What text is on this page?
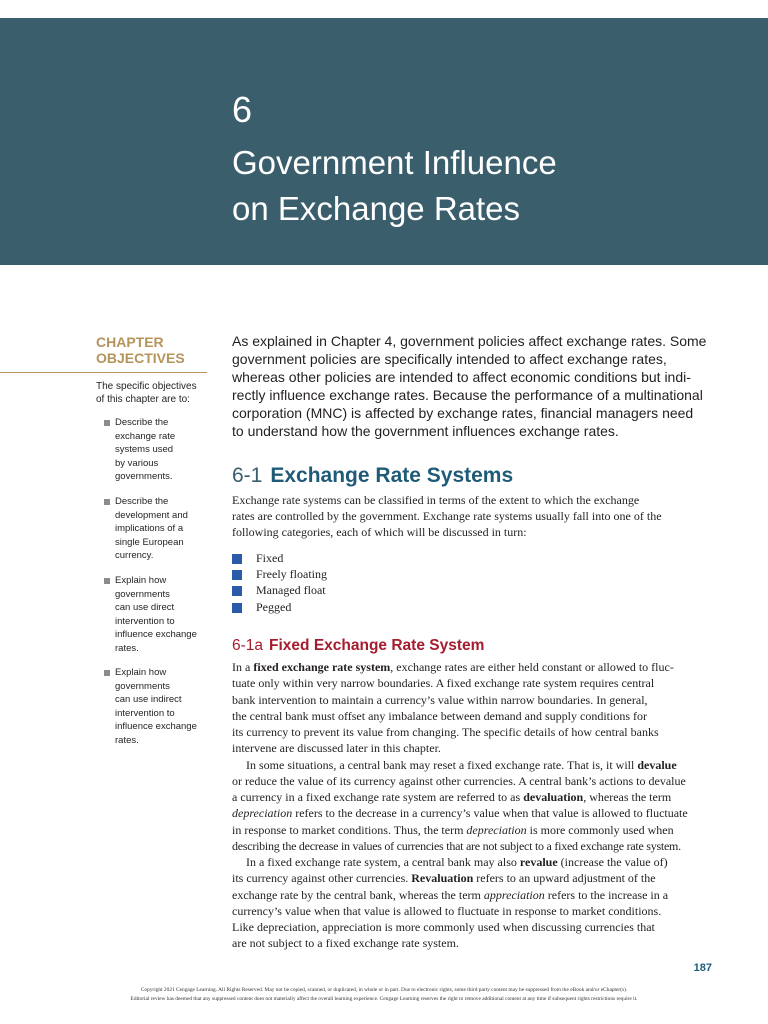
6
Government Influence
on Exchange Rates
CHAPTER
OBJECTIVES
The specific objectives
of this chapter are to:
Describe the
exchange rate
systems used
by various
governments.
Describe the
development and
implications of a
single European
currency.
Explain how
governments
can use direct
intervention to
influence exchange
rates.
Explain how
governments
can use indirect
intervention to
influence exchange
rates.
As explained in Chapter 4, government policies affect exchange rates. Some
government policies are specifically intended to affect exchange rates,
whereas other policies are intended to affect economic conditions but indi-
rectly influence exchange rates. Because the performance of a multinational
corporation (MNC) is affected by exchange rates, financial managers need
to understand how the government influences exchange rates.
6-1 Exchange Rate Systems
Exchange rate systems can be classified in terms of the extent to which the exchange
rates are controlled by the government. Exchange rate systems usually fall into one of the
following categories, each of which will be discussed in turn:
Fixed
Freely floating
Managed float
Pegged
6-1a Fixed Exchange Rate System
In a fixed exchange rate system, exchange rates are either held constant or allowed to fluc-
tuate only within very narrow boundaries. A fixed exchange rate system requires central
bank intervention to maintain a currency’s value within narrow boundaries. In general,
the central bank must offset any imbalance between demand and supply conditions for
its currency to prevent its value from changing. The specific details of how central banks
intervene are discussed later in this chapter.
In some situations, a central bank may reset a fixed exchange rate. That is, it will devalue
or reduce the value of its currency against other currencies. A central bank’s actions to devalue
a currency in a fixed exchange rate system are referred to as devaluation, whereas the term
depreciation refers to the decrease in a currency’s value when that value is allowed to fluctuate
in response to market conditions. Thus, the term depreciation is more commonly used when
describing the decrease in values of currencies that are not subject to a fixed exchange rate system.
In a fixed exchange rate system, a central bank may also revalue (increase the value of)
its currency against other currencies. Revaluation refers to an upward adjustment of the
exchange rate by the central bank, whereas the term appreciation refers to the increase in a
currency’s value when that value is allowed to fluctuate in response to market conditions.
Like depreciation, appreciation is more commonly used when discussing currencies that
are not subject to a fixed exchange rate system.
187
Copyright 2021 Cengage Learning. All Rights Reserved. May not be copied, scanned, or duplicated, in whole or in part. Due to electronic rights, some third party content may be suppressed from the eBook and/or eChapter(s).
Editorial review has deemed that any suppressed content does not materially affect the overall learning experience. Cengage Learning reserves the right to remove additional content at any time if subsequent rights restrictions require it.
